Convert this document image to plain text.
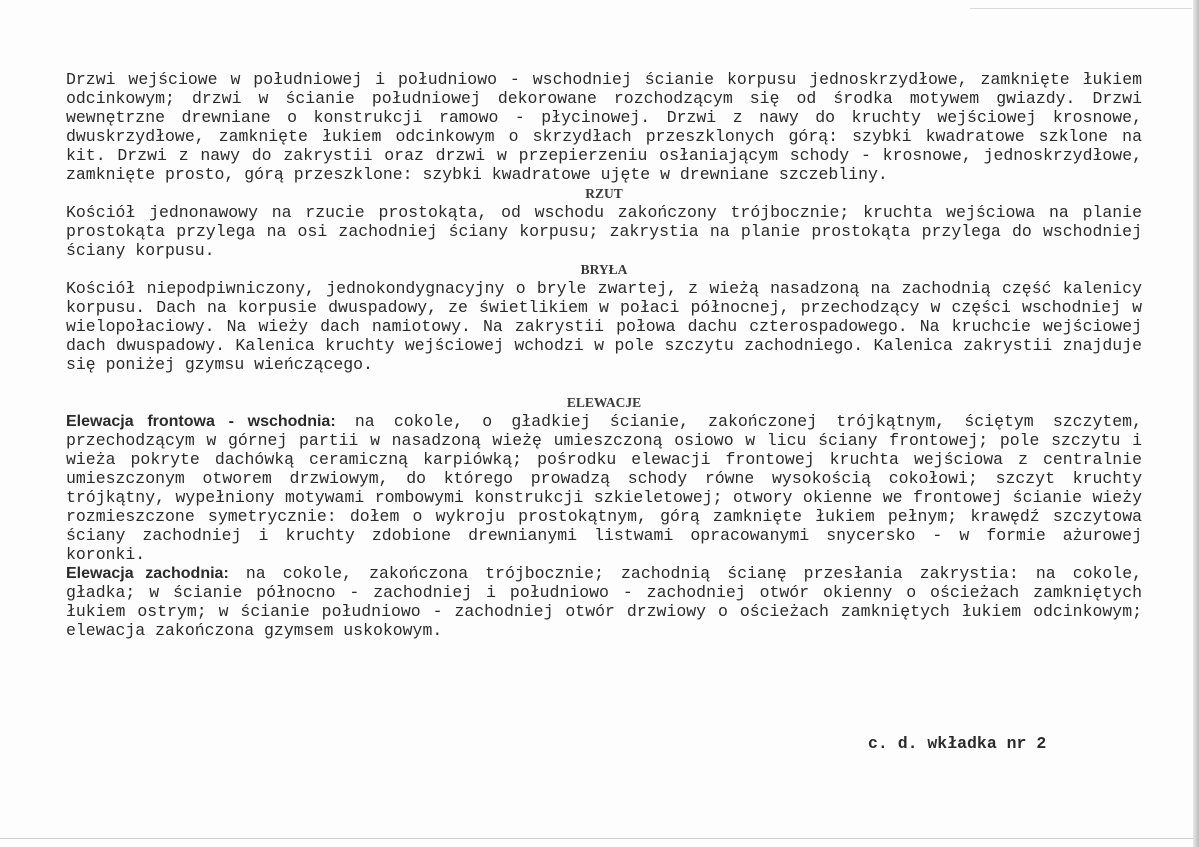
Drzwi wejściowe w południowej i południowo - wschodniej ścianie korpusu jednoskrzydłowe, zamknięte łukiem odcinkowym; drzwi w ścianie południowej dekorowane rozchodzącym się od środka motywem gwiazdy. Drzwi wewnętrzne drewniane o konstrukcji ramowo - płycinowej. Drzwi z nawy do kruchty wejściowej krosnowe, dwuskrzydłowe, zamknięte łukiem odcinkowym o skrzydłach przeszklonych górą: szybki kwadratowe szklone na kit. Drzwi z nawy do zakrystii oraz drzwi w przepierzeniu osłaniającym schody - krosnowe, jednoskrzydłowe, zamknięte prosto, górą przeszklone: szybki kwadratowe ujęte w drewniane szczebliny.

RZUT

Kościół jednonawowy na rzucie prostokąta, od wschodu zakończony trójbocznie; kruchta wejściowa na planie prostokąta przylega na osi zachodniej ściany korpusu; zakrystia na planie prostokąta przylega do wschodniej ściany korpusu.

BRYŁA

Kościół niepodpiwniczony, jednokondygnacyjny o bryle zwartej, z wieżą nasadzoną na zachodnią część kalenicy korpusu. Dach na korpusie dwuspadowy, ze świetlikiem w połaci północnej, przechodzący w części wschodniej w wielopołaciowy. Na wieży dach namiotowy. Na zakrystii połowa dachu czterospadowego. Na kruchcie wejściowej dach dwuspadowy. Kalenica kruchty wejściowej wchodzi w pole szczytu zachodniego. Kalenica zakrystii znajduje się poniżej gzymsu wieńczącego.

ELEWACJE

Elewacja frontowa - wschodnia: na cokole, o gładkiej ścianie, zakończonej trójkątnym, ściętym szczytem, przechodzącym w górnej partii w nasadzoną wieżę umieszczoną osiowo w licu ściany frontowej; pole szczytu i wieża pokryte dachówką ceramiczną karpiówką; pośrodku elewacji frontowej kruchta wejściowa z centralnie umieszczonym otworem drzwiowym, do którego prowadzą schody równe wysokością cokołowi; szczyt kruchty trójkątny, wypełniony motywami rombowymi konstrukcji szkieletowej; otwory okienne we frontowej ścianie wieży rozmieszczone symetrycznie: dołem o wykroju prostokątnym, górą zamknięte łukiem pełnym; krawędź szczytowa ściany zachodniej i kruchty zdobione drewnianymi listwami opracowanymi snycersko - w formie ażurowej koronki.

Elewacja zachodnia: na cokole, zakończona trójbocznie; zachodnią ścianę przesłania zakrystia: na cokole, gładka; w ścianie północno - zachodniej i południowo - zachodniej otwór okienny o ościeżach zamkniętych łukiem ostrym; w ścianie południowo - zachodniej otwór drzwiowy o ościeżach zamkniętych łukiem odcinkowym; elewacja zakończona gzymsem uskokowym.

c. d. wkładka nr 2
